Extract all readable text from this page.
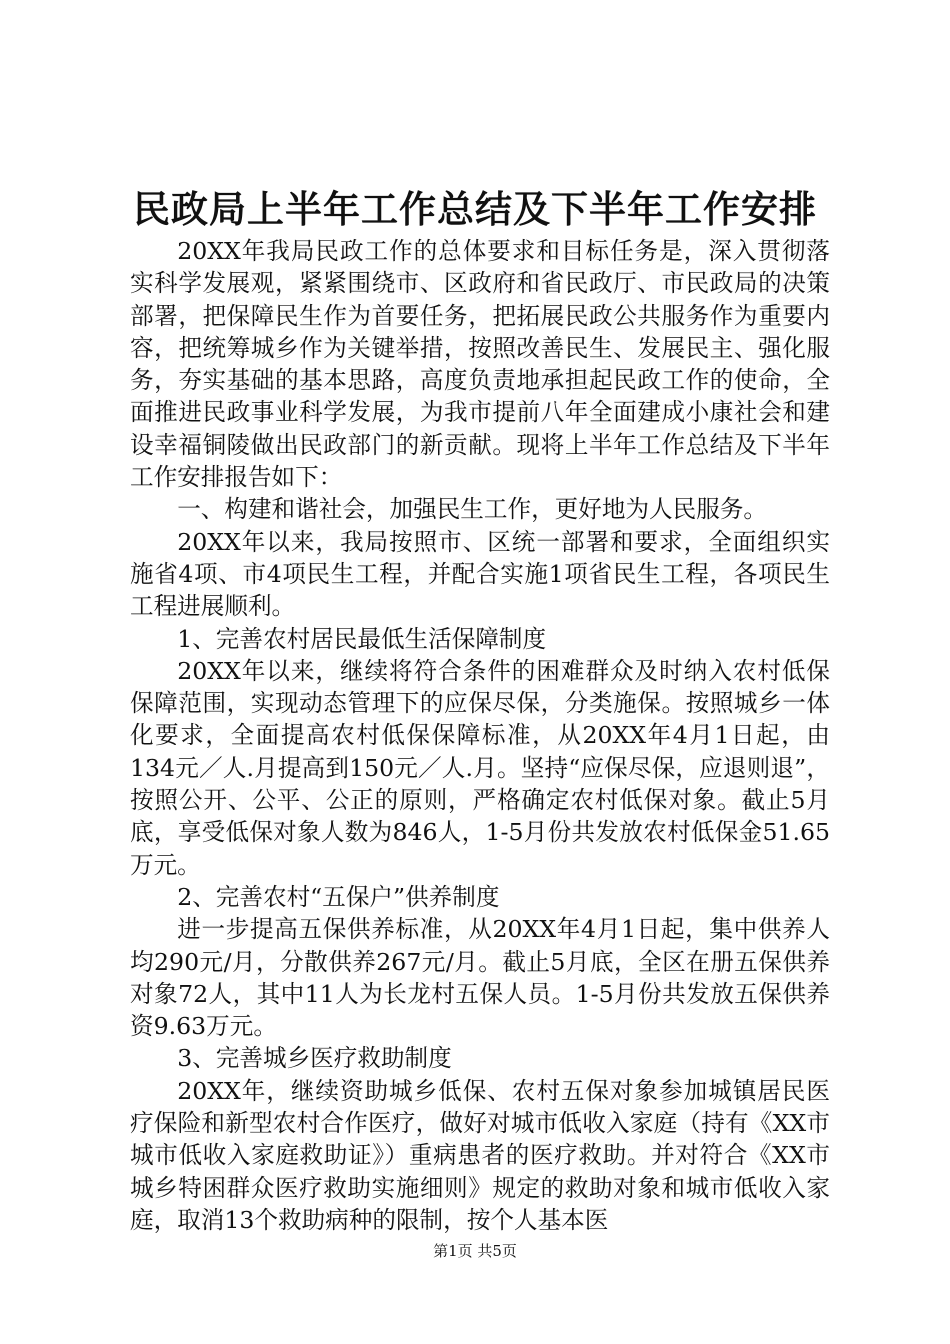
民政局上半年工作总结及下半年工作安排

20XX年我局民政工作的总体要求和目标任务是，深入贯彻落实科学发展观，紧紧围绕市、区政府和省民政厅、市民政局的决策部署，把保障民生作为首要任务，把拓展民政公共服务作为重要内容，把统筹城乡作为关键举措，按照改善民生、发展民主、强化服务，夯实基础的基本思路，高度负责地承担起民政工作的使命，全面推进民政事业科学发展，为我市提前八年全面建成小康社会和建设幸福铜陵做出民政部门的新贡献。现将上半年工作总结及下半年工作安排报告如下：

一、构建和谐社会，加强民生工作，更好地为人民服务。

20XX年以来，我局按照市、区统一部署和要求，全面组织实施省4项、市4项民生工程，并配合实施1项省民生工程，各项民生工程进展顺利。

1、完善农村居民最低生活保障制度

20XX年以来，继续将符合条件的困难群众及时纳入农村低保保障范围，实现动态管理下的应保尽保，分类施保。按照城乡一体化要求，全面提高农村低保保障标准，从20XX年4月1日起，由134元／人.月提高到150元／人.月。坚持“应保尽保，应退则退”，按照公开、公平、公正的原则，严格确定农村低保对象。截止5月底，享受低保对象人数为846人，1-5月份共发放农村低保金51.65万元。

2、完善农村“五保户”供养制度

进一步提高五保供养标准，从20XX年4月1日起，集中供养人均290元/月，分散供养267元/月。截止5月底，全区在册五保供养对象72人，其中11人为长龙村五保人员。1-5月份共发放五保供养资9.63万元。

3、完善城乡医疗救助制度

20XX年，继续资助城乡低保、农村五保对象参加城镇居民医疗保险和新型农村合作医疗，做好对城市低收入家庭（持有《XX市城市低收入家庭救助证》）重病患者的医疗救助。并对符合《XX市城乡特困群众医疗救助实施细则》规定的救助对象和城市低收入家庭，取消13个救助病种的限制，按个人基本医

第1页 共5页
